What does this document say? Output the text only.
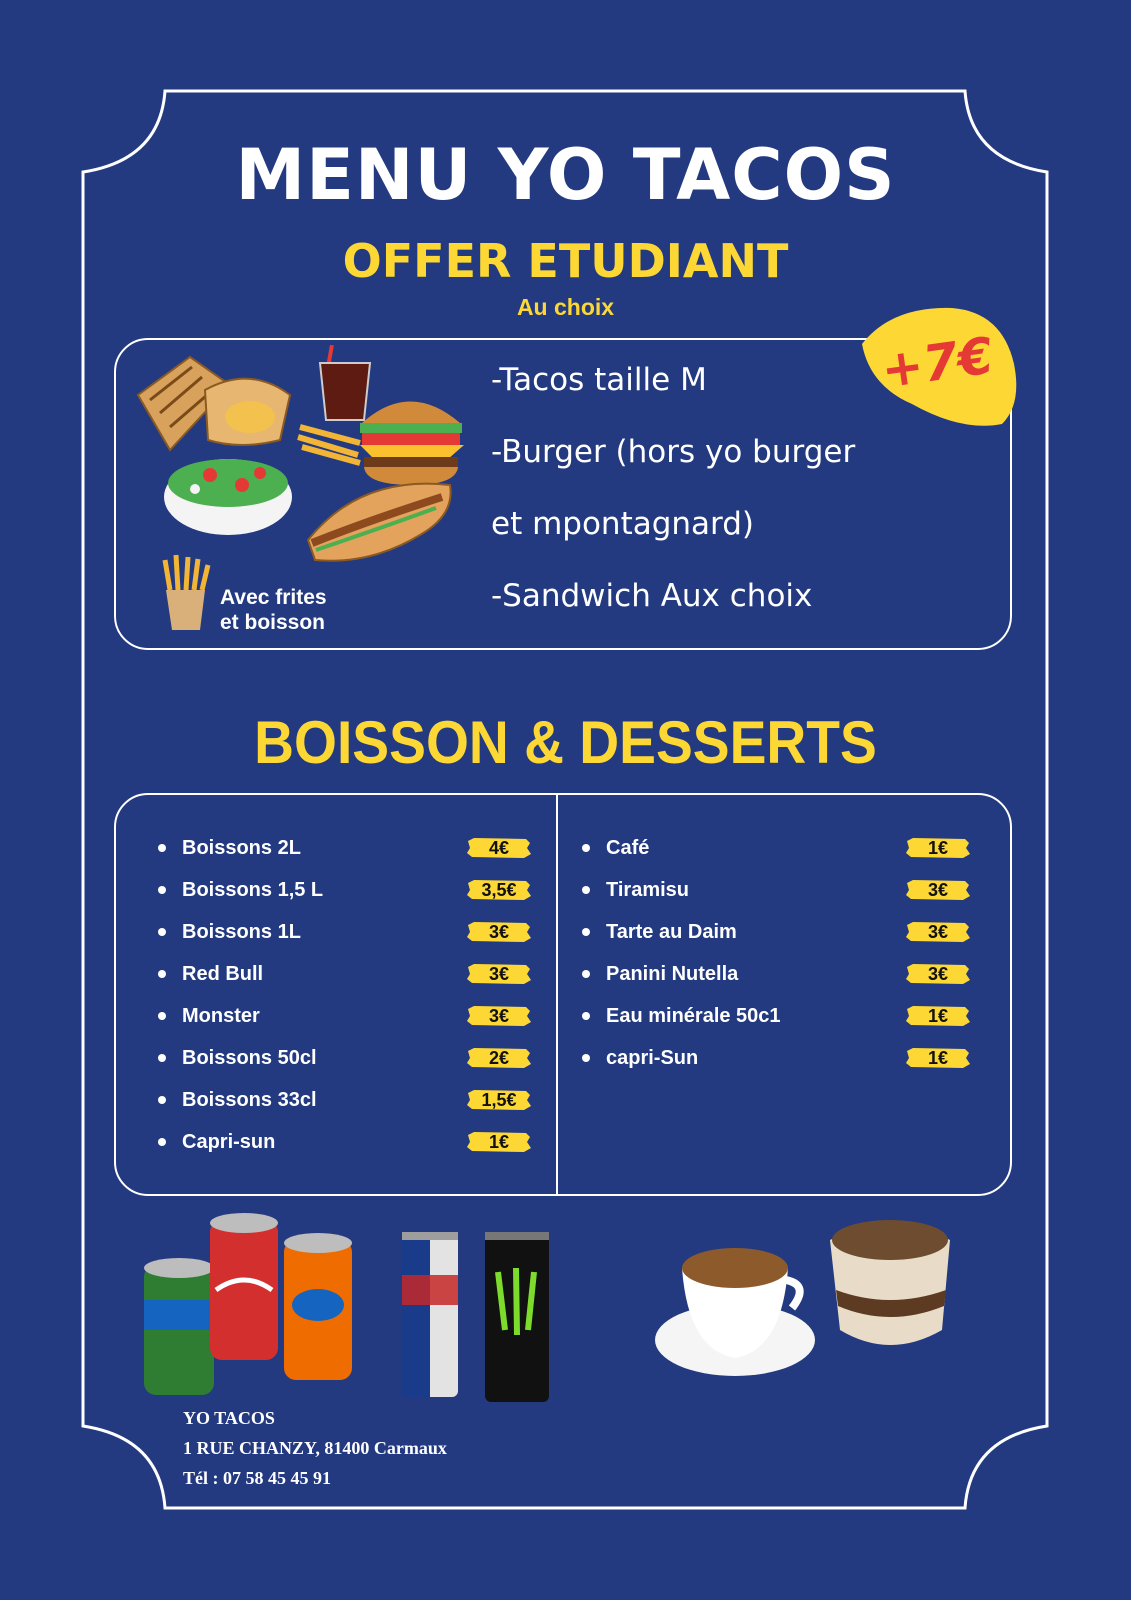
MENU YO TACOS
OFFER ETUDIANT
Au choix
Avec frites
et boisson
-Tacos taille M
-Burger (hors yo burger
et mpontagnard)
-Sandwich Aux choix
+7€
BOISSON & DESSERTS
Boissons 2L	4€
Boissons 1,5 L	3,5€
Boissons 1L	3€
Red Bull	3€
Monster	3€
Boissons 50cl	2€
Boissons 33cl	1,5€
Capri-sun	1€
Café	1€
Tiramisu	3€
Tarte au Daim	3€
Panini Nutella	3€
Eau minérale 50c1	1€
capri-Sun	1€
YO TACOS
1 RUE CHANZY, 81400 Carmaux
Tél : 07 58 45 45 91
